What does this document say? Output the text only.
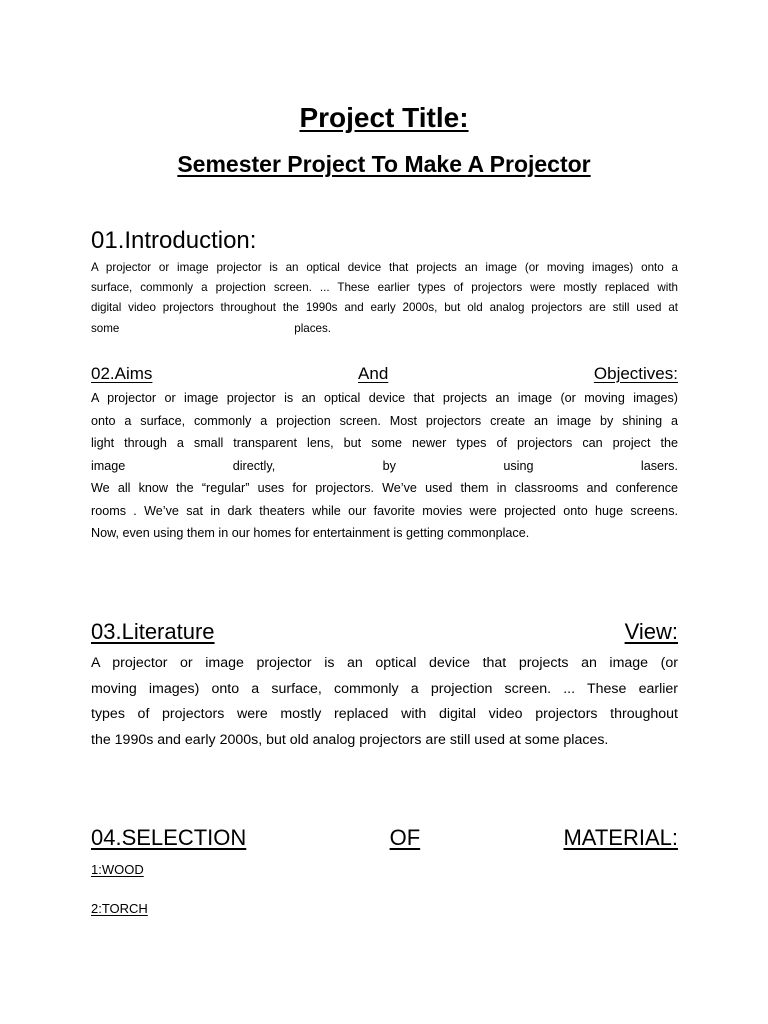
Project Title:
Semester Project To Make A Projector
01.Introduction:
A projector or image projector is an optical device that projects an image (or moving images) onto a
surface, commonly a projection screen. ... These earlier types of projectors were mostly replaced with
digital video projectors throughout the 1990s and early 2000s, but old analog projectors are still used at
some	places.
02.Aims	And	Objectives:
A projector or image projector is an optical device that projects an image (or moving images)
onto a surface, commonly a projection screen. Most projectors create an image by shining a
light through a small transparent lens, but some newer types of projectors can project the
image	directly,	by	using	lasers.
We all know the “regular” uses for projectors. We’ve used them in classrooms and conference
rooms . We’ve sat in dark theaters while our favorite movies were projected onto huge screens.
Now, even using them in our homes for entertainment is getting commonplace.
03.Literature	View:
A projector or image projector is an optical device that projects an image (or
moving images) onto a surface, commonly a projection screen. ... These earlier
types of projectors were mostly replaced with digital video projectors throughout
the 1990s and early 2000s, but old analog projectors are still used at some places.
04.SELECTION	OF	MATERIAL:

1:WOOD

2:TORCH
